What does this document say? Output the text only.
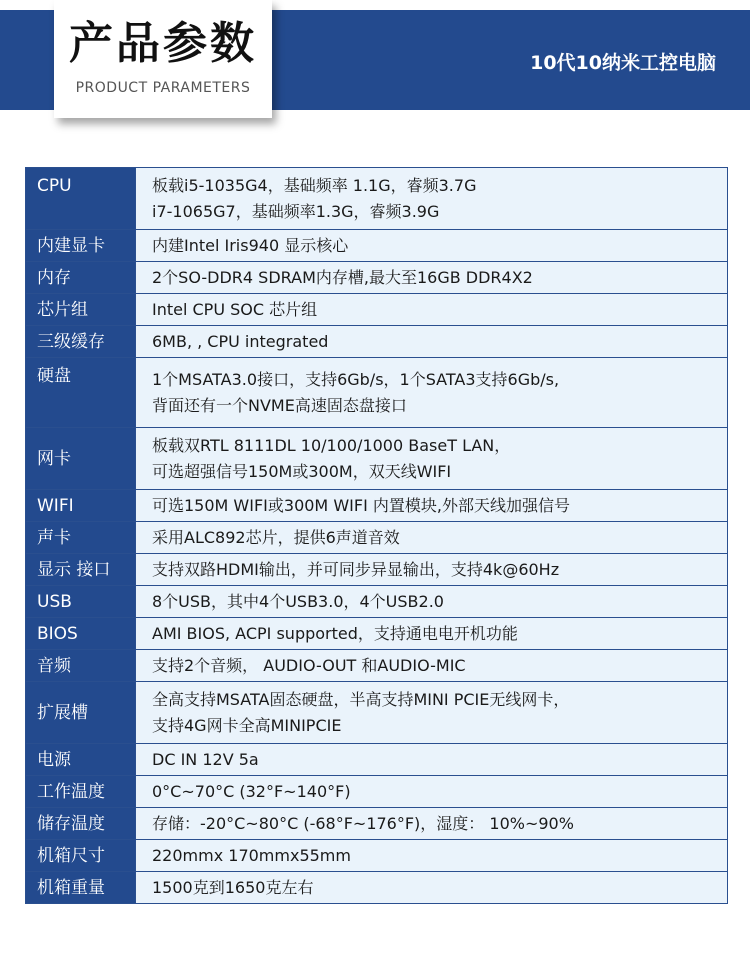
产品参数
PRODUCT PARAMETERS
10代10纳米工控电脑
CPU	板载i5-1035G4，基础频率 1.1G，睿频3.7G
i7-1065G7，基础频率1.3G，睿频3.9G

内建显卡	内建Intel Iris940 显示核心

内存	2个SO-DDR4 SDRAM内存槽,最大至16GB DDR4X2

芯片组	Intel CPU SOC 芯片组

三级缓存	6MB, , CPU integrated

硬盘	1个MSATA3.0接口，支持6Gb/s，1个SATA3支持6Gb/s,
背面还有一个NVME高速固态盘接口

网卡	板载双RTL 8111DL 10/100/1000 BaseT LAN，
可选超强信号150M或300M，双天线WIFI

WIFI	可选150M WIFI或300M WIFI 内置模块,外部天线加强信号

声卡	采用ALC892芯片，提供6声道音效

显示 接口	支持双路HDMI输出，并可同步异显输出，支持4k@60Hz

USB	8个USB，其中4个USB3.0，4个USB2.0

BIOS	AMI BIOS, ACPI supported，支持通电电开机功能

音频	支持2个音频， AUDIO-OUT 和AUDIO-MIC

扩展槽	全高支持MSATA固态硬盘，半高支持MINI PCIE无线网卡，
支持4G网卡全高MINIPCIE

电源	DC IN 12V 5a

工作温度	0°C~70°C (32°F~140°F)

储存温度	存储：-20°C~80°C (-68°F~176°F)，湿度： 10%~90%

机箱尺寸	220mmx 170mmx55mm

机箱重量	1500克到1650克左右
